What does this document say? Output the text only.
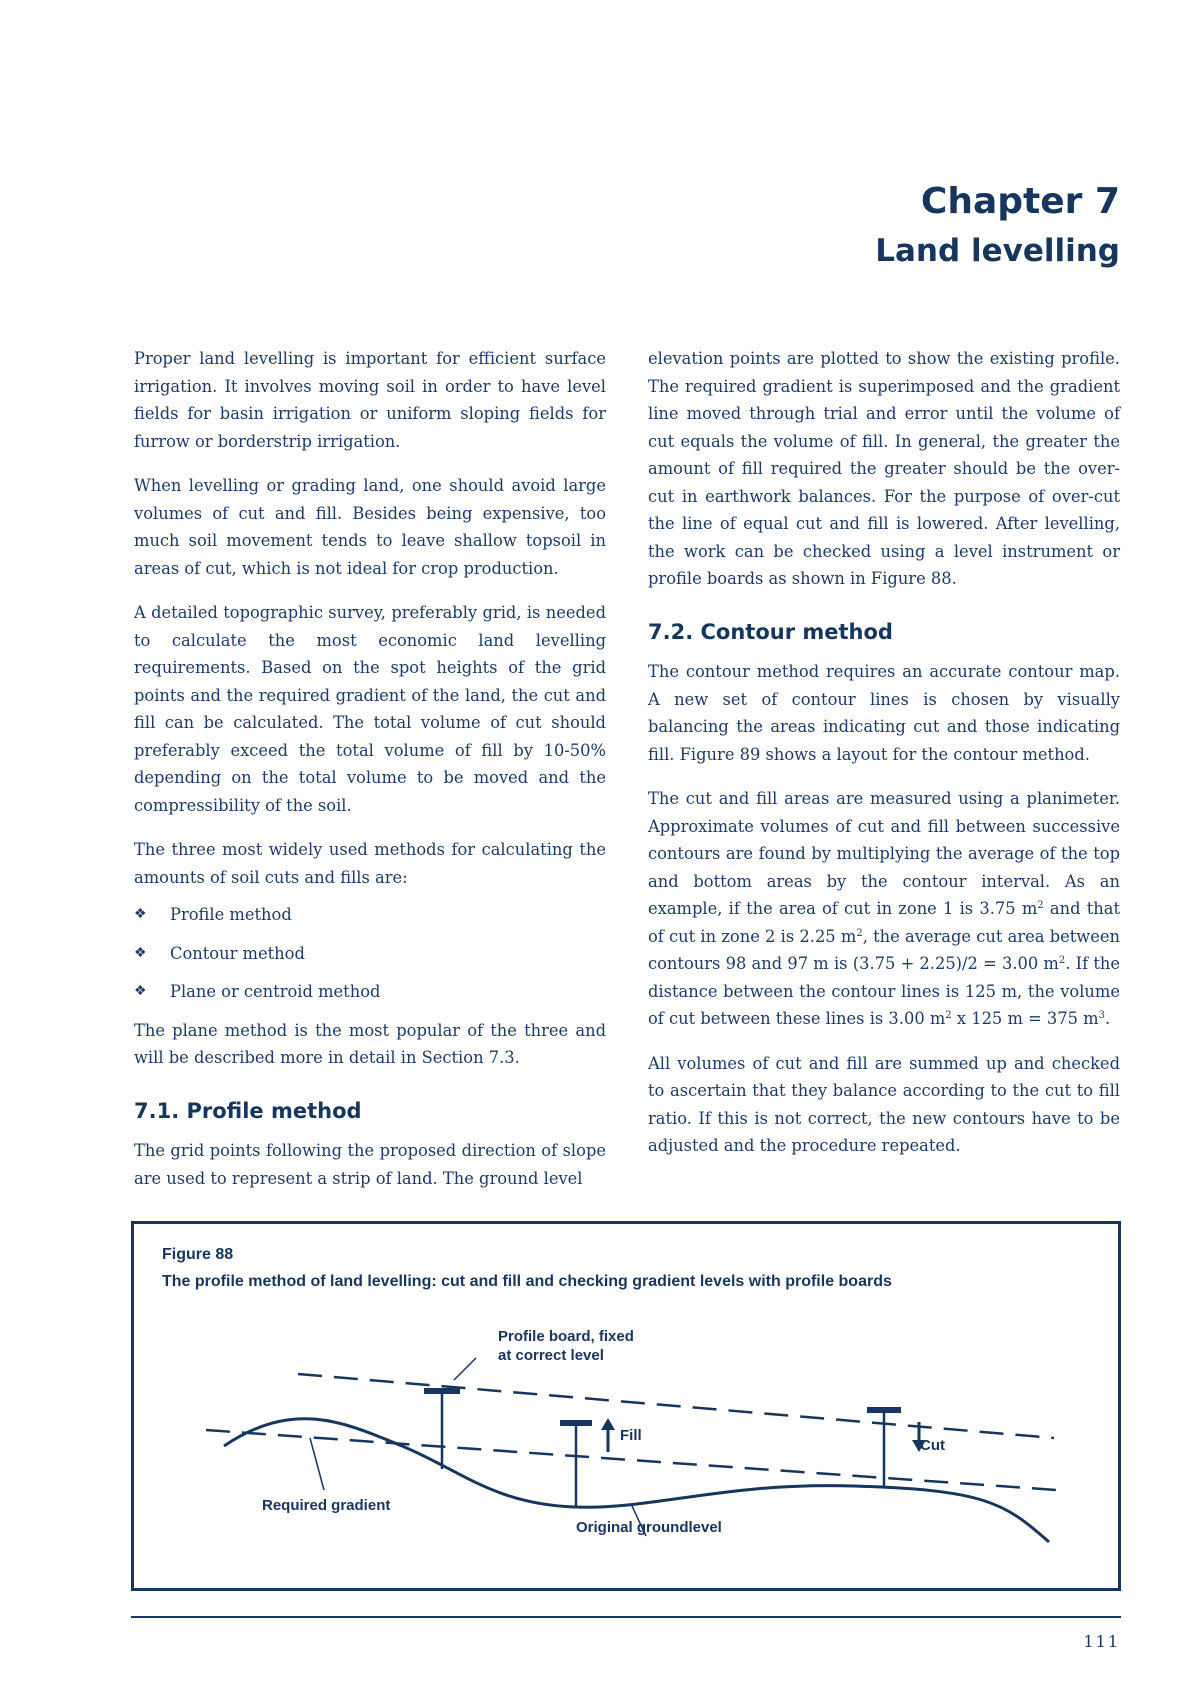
Chapter 7
Land levelling

Proper land levelling is important for efficient surface irrigation. It involves moving soil in order to have level fields for basin irrigation or uniform sloping fields for furrow or borderstrip irrigation.

When levelling or grading land, one should avoid large volumes of cut and fill. Besides being expensive, too much soil movement tends to leave shallow topsoil in areas of cut, which is not ideal for crop production.

A detailed topographic survey, preferably grid, is needed to calculate the most economic land levelling requirements. Based on the spot heights of the grid points and the required gradient of the land, the cut and fill can be calculated. The total volume of cut should preferably exceed the total volume of fill by 10-50% depending on the total volume to be moved and the compressibility of the soil.

The three most widely used methods for calculating the amounts of soil cuts and fills are:

❖ Profile method
❖ Contour method
❖ Plane or centroid method

The plane method is the most popular of the three and will be described more in detail in Section 7.3.

7.1. Profile method

The grid points following the proposed direction of slope are used to represent a strip of land. The ground level

elevation points are plotted to show the existing profile. The required gradient is superimposed and the gradient line moved through trial and error until the volume of cut equals the volume of fill. In general, the greater the amount of fill required the greater should be the over-cut in earthwork balances. For the purpose of over-cut the line of equal cut and fill is lowered. After levelling, the work can be checked using a level instrument or profile boards as shown in Figure 88.

7.2. Contour method

The contour method requires an accurate contour map. A new set of contour lines is chosen by visually balancing the areas indicating cut and those indicating fill. Figure 89 shows a layout for the contour method.

The cut and fill areas are measured using a planimeter. Approximate volumes of cut and fill between successive contours are found by multiplying the average of the top and bottom areas by the contour interval. As an example, if the area of cut in zone 1 is 3.75 $m^2$ and that of cut in zone 2 is 2.25 $m^2$, the average cut area between contours 98 and 97 m is (3.75 + 2.25)/2 = 3.00 $m^2$. If the distance between the contour lines is 125 m, the volume of cut between these lines is 3.00 $m^2$ x 125 m = 375 $m^3$.

All volumes of cut and fill are summed up and checked to ascertain that they balance according to the cut to fill ratio. If this is not correct, the new contours have to be adjusted and the procedure repeated.

Figure 88
The profile method of land levelling: cut and fill and checking gradient levels with profile boards
Profile board, fixed
at correct level
Fill
Cut
Required gradient
Original groundlevel
111
